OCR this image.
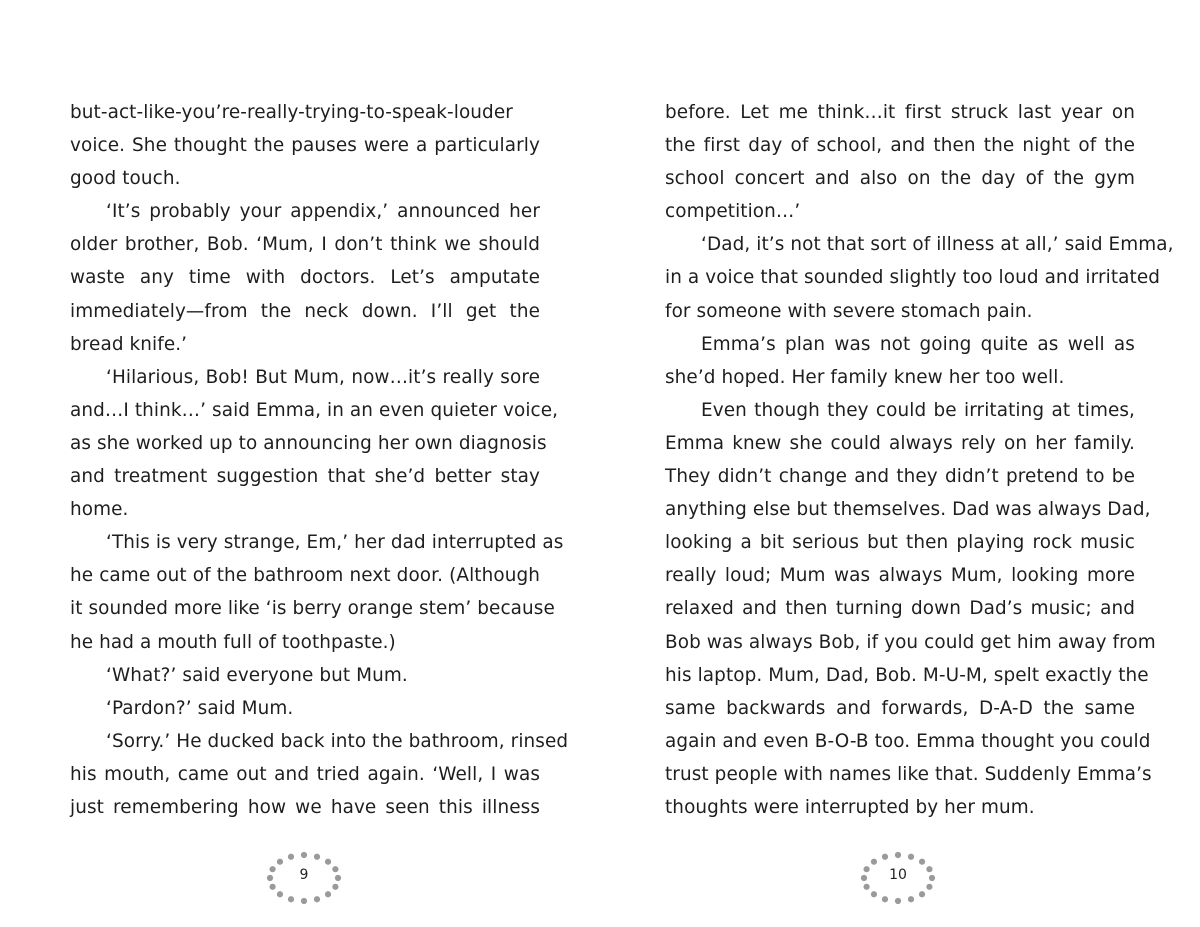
but-act-like-you’re-really-trying-to-speak-louder
voice. She thought the pauses were a particularly
good touch.
‘It’s probably your appendix,’ announced her
older brother, Bob. ‘Mum, I don’t think we should
waste any time with doctors. Let’s amputate
immediately—from the neck down. I’ll get the
bread knife.’
‘Hilarious, Bob! But Mum, now…it’s really sore
and…I think…’ said Emma, in an even quieter voice,
as she worked up to announcing her own diagnosis
and treatment suggestion that she’d better stay
home.
‘This is very strange, Em,’ her dad interrupted as
he came out of the bathroom next door. (Although
it sounded more like ‘is berry orange stem’ because
he had a mouth full of toothpaste.)
‘What?’ said everyone but Mum.
‘Pardon?’ said Mum.
‘Sorry.’ He ducked back into the bathroom, rinsed
his mouth, came out and tried again. ‘Well, I was
just remembering how we have seen this illness
before. Let me think…it first struck last year on
the first day of school, and then the night of the
school concert and also on the day of the gym
competition…’
‘Dad, it’s not that sort of illness at all,’ said Emma,
in a voice that sounded slightly too loud and irritated
for someone with severe stomach pain.
Emma’s plan was not going quite as well as
she’d hoped. Her family knew her too well.
Even though they could be irritating at times,
Emma knew she could always rely on her family.
They didn’t change and they didn’t pretend to be
anything else but themselves. Dad was always Dad,
looking a bit serious but then playing rock music
really loud; Mum was always Mum, looking more
relaxed and then turning down Dad’s music; and
Bob was always Bob, if you could get him away from
his laptop. Mum, Dad, Bob. M-U-M, spelt exactly the
same backwards and forwards, D-A-D the same
again and even B-O-B too. Emma thought you could
trust people with names like that. Suddenly Emma’s
thoughts were interrupted by her mum.
9	10
